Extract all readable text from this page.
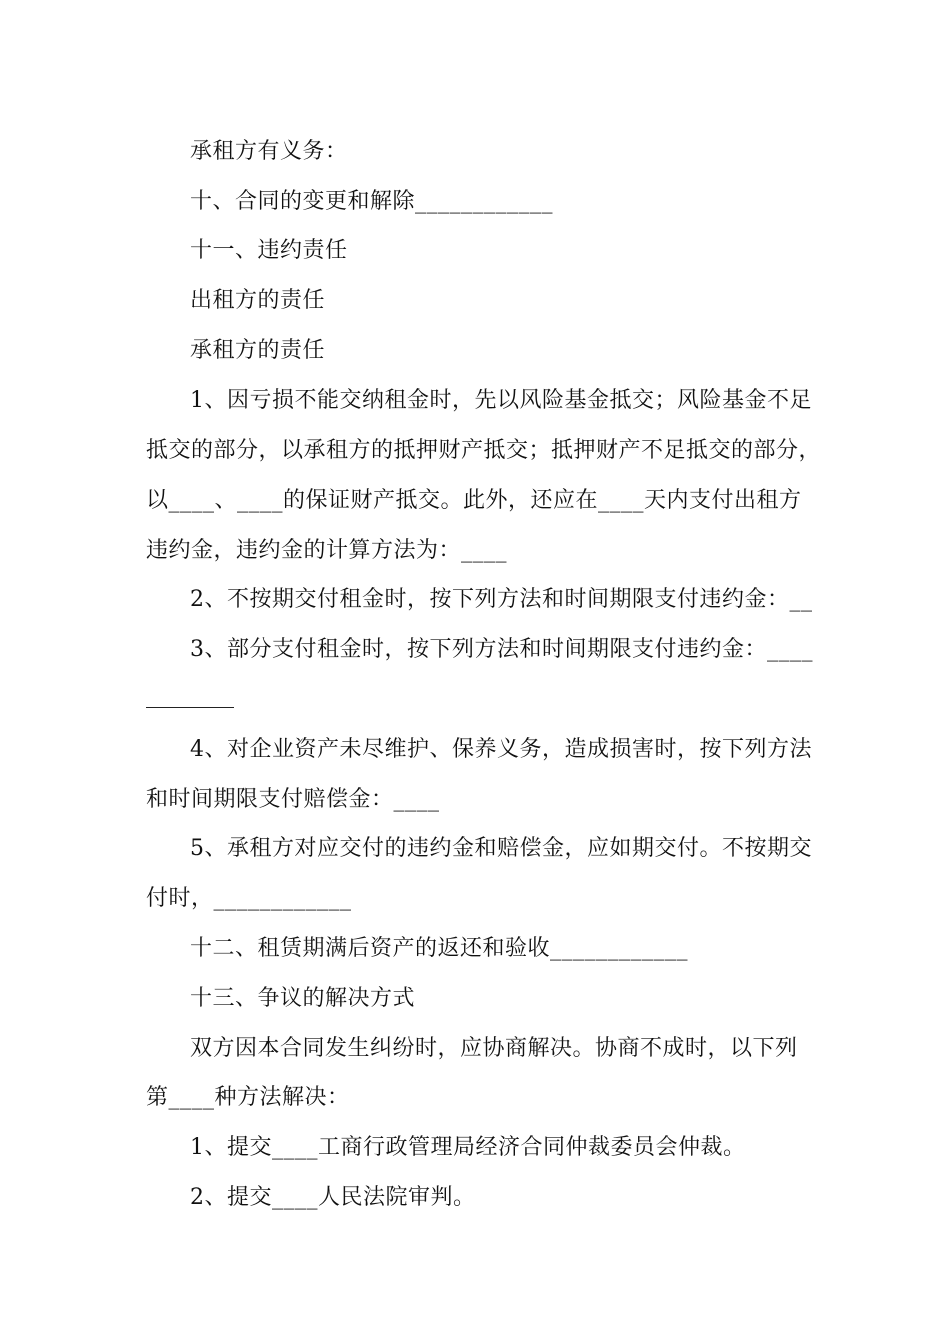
承租方有义务：
十、合同的变更和解除____________
十一、违约责任
出租方的责任
承租方的责任
1、因亏损不能交纳租金时，先以风险基金抵交；风险基金不足
抵交的部分，以承租方的抵押财产抵交；抵押财产不足抵交的部分，
以____、____的保证财产抵交。此外，还应在____天内支付出租方
违约金，违约金的计算方法为：____
2、不按期交付租金时，按下列方法和时间期限支付违约金：__
3、部分支付租金时，按下列方法和时间期限支付违约金：____
4、对企业资产未尽维护、保养义务，造成损害时，按下列方法
和时间期限支付赔偿金：____
5、承租方对应交付的违约金和赔偿金，应如期交付。不按期交
付时，____________
十二、租赁期满后资产的返还和验收____________
十三、争议的解决方式
双方因本合同发生纠纷时，应协商解决。协商不成时，以下列
第____种方法解决：
1、提交____工商行政管理局经济合同仲裁委员会仲裁。
2、提交____人民法院审判。
